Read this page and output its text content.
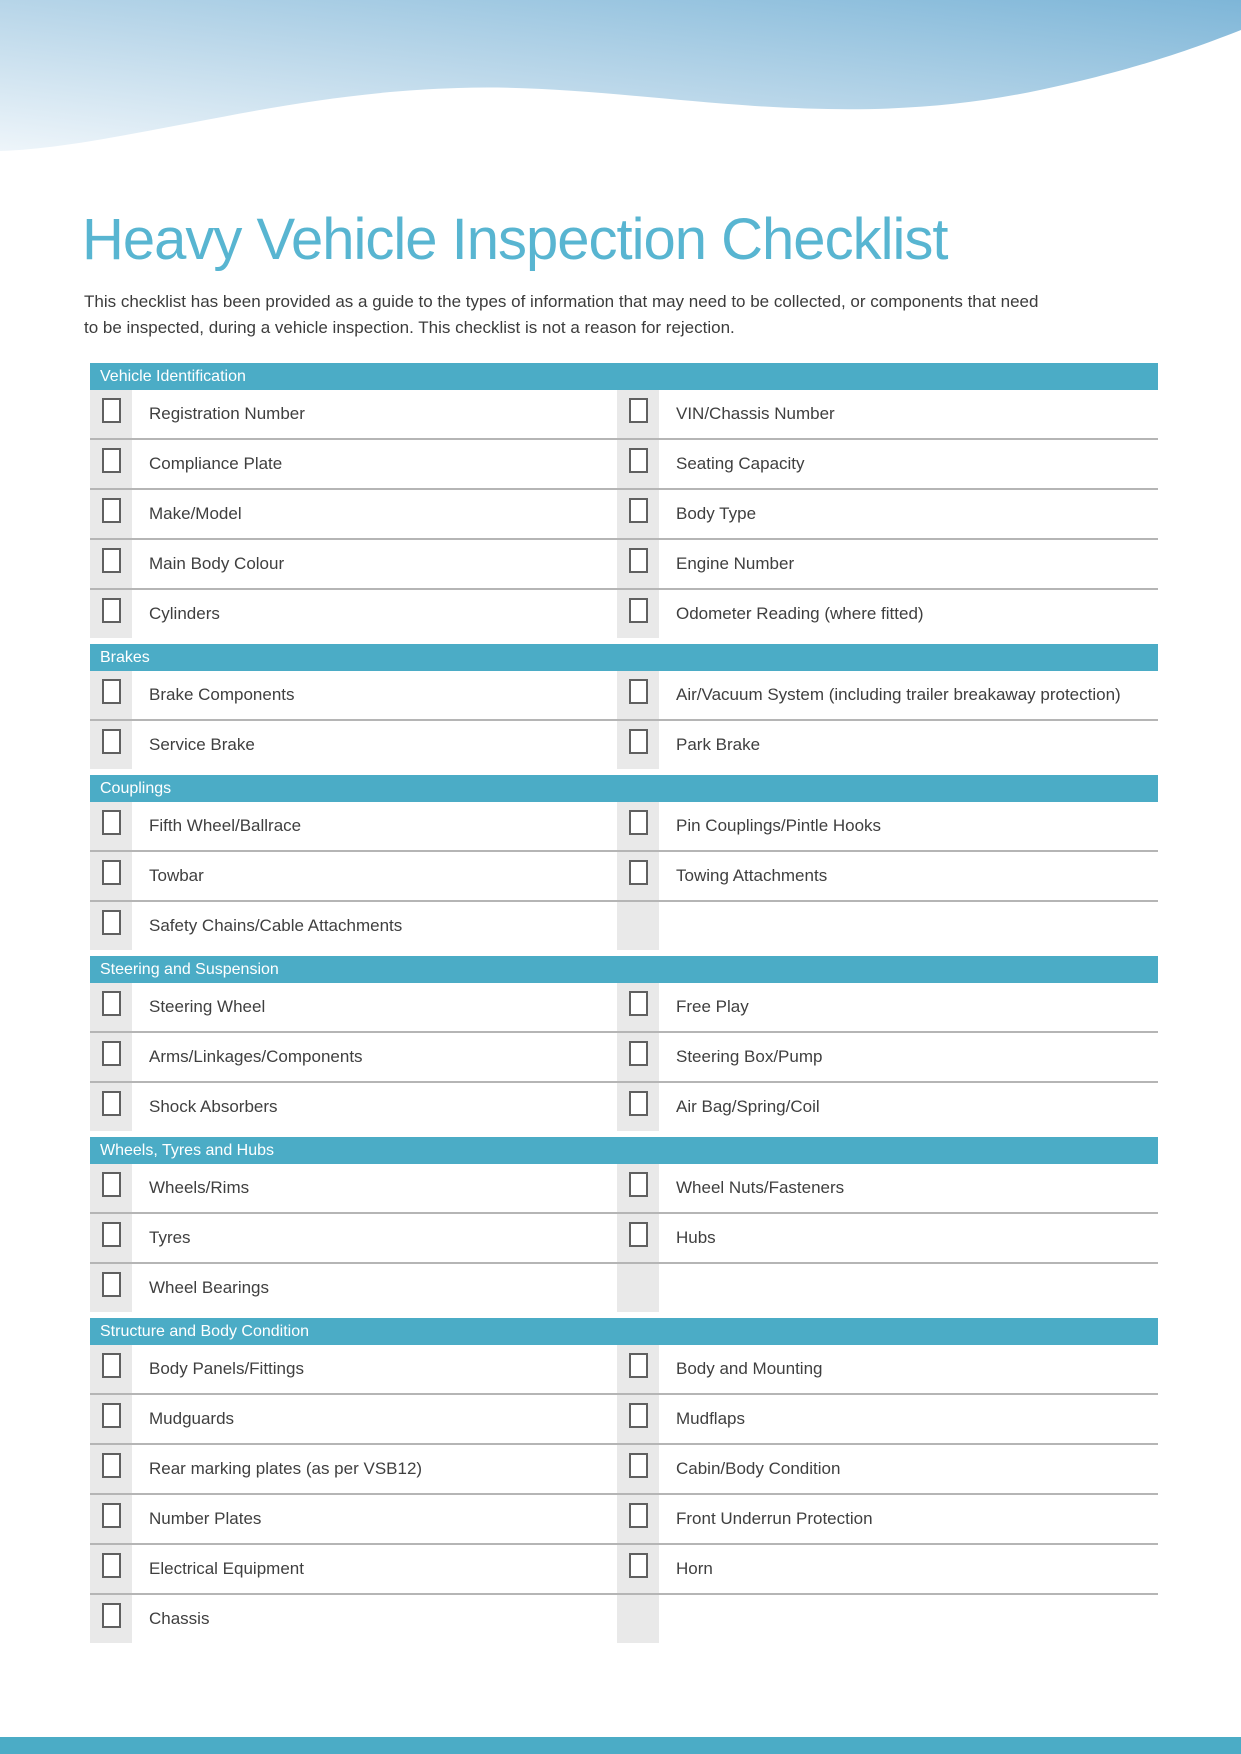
Heavy Vehicle Inspection Checklist

This checklist has been provided as a guide to the types of information that may need to be collected, or components that need to be inspected, during a vehicle inspection. This checklist is not a reason for rejection.

Vehicle Identification
Registration Number	VIN/Chassis Number
Compliance Plate	Seating Capacity
Make/Model	Body Type
Main Body Colour	Engine Number
Cylinders	Odometer Reading (where fitted)
Brakes
Brake Components	Air/Vacuum System (including trailer breakaway protection)
Service Brake	Park Brake
Couplings
Fifth Wheel/Ballrace	Pin Couplings/Pintle Hooks
Towbar	Towing Attachments
Safety Chains/Cable Attachments
Steering and Suspension
Steering Wheel	Free Play
Arms/Linkages/Components	Steering Box/Pump
Shock Absorbers	Air Bag/Spring/Coil
Wheels, Tyres and Hubs
Wheels/Rims	Wheel Nuts/Fasteners
Tyres	Hubs
Wheel Bearings
Structure and Body Condition
Body Panels/Fittings	Body and Mounting
Mudguards	Mudflaps
Rear marking plates (as per VSB12)	Cabin/Body Condition
Number Plates	Front Underrun Protection
Electrical Equipment	Horn
Chassis
